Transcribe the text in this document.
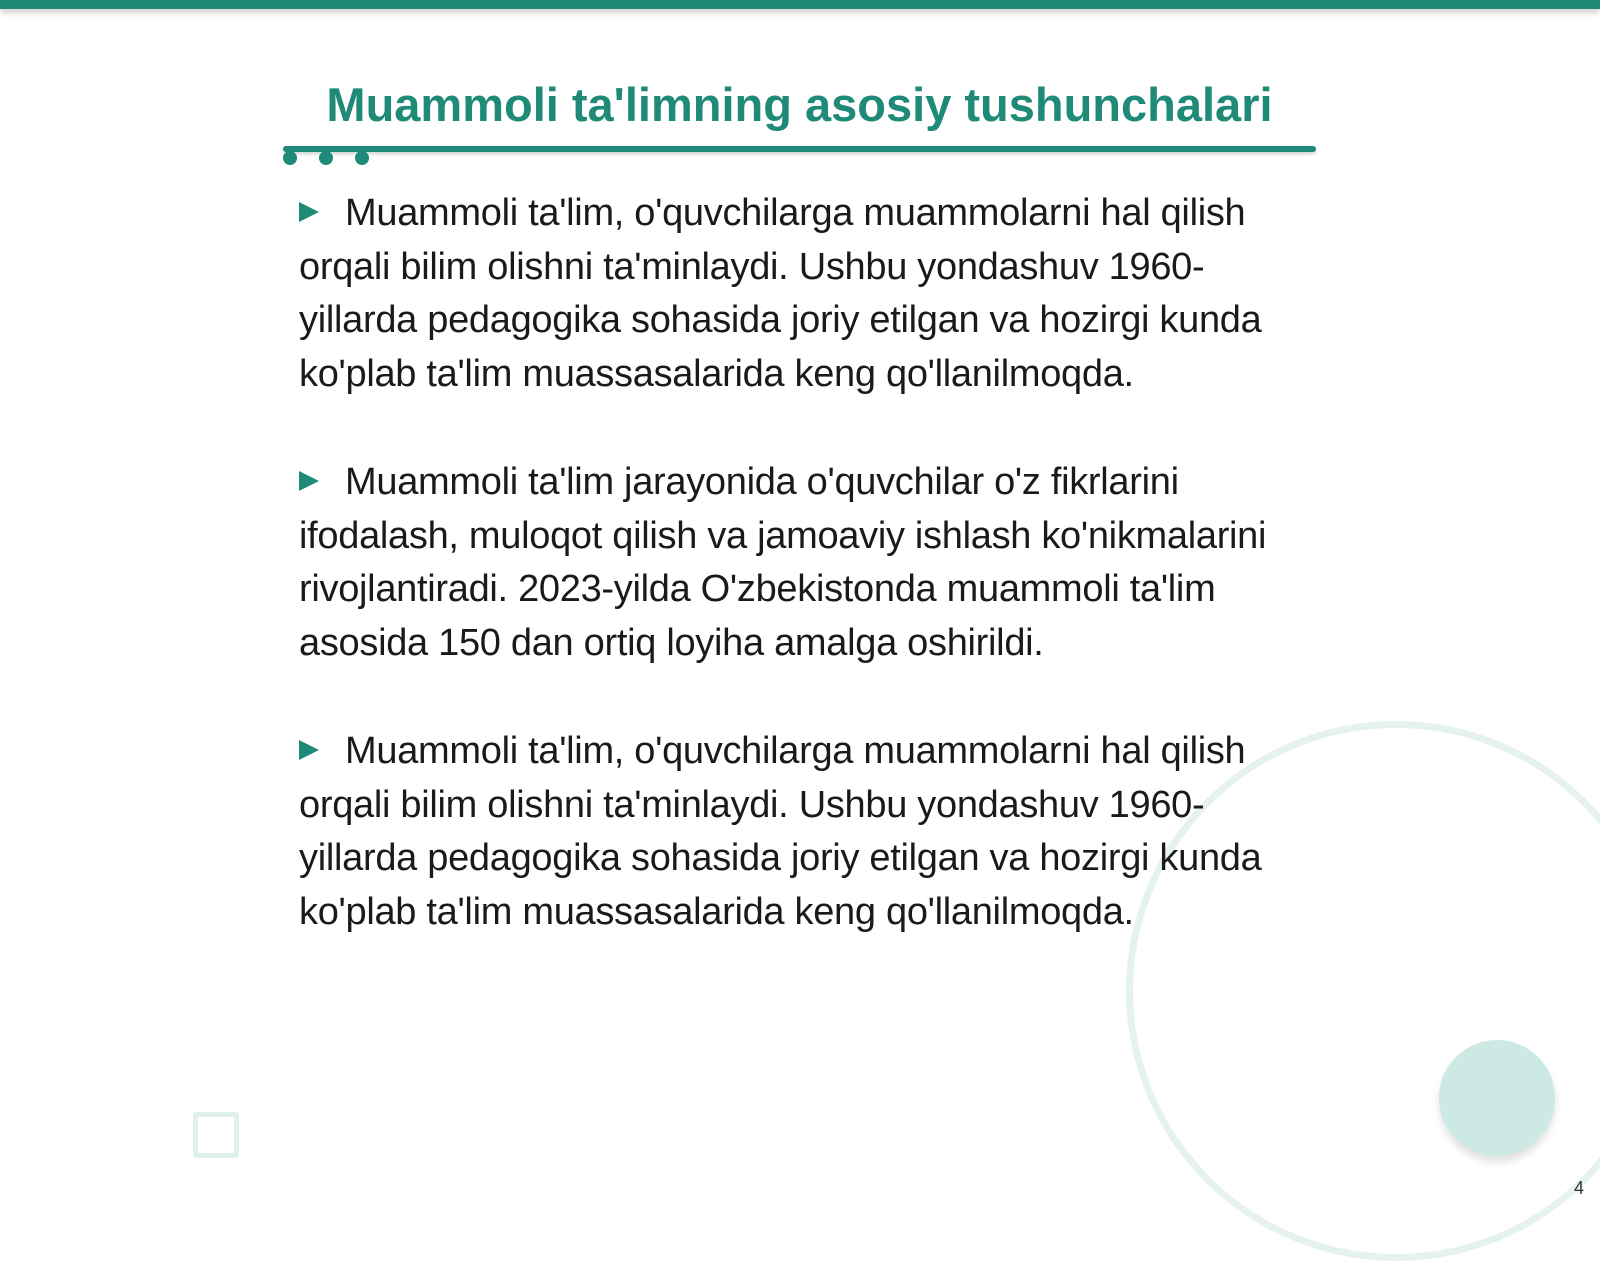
Muammoli ta'limning asosiy tushunchalari
Muammoli ta'lim, o'quvchilarga muammolarni hal qilish orqali bilim olishni ta'minlaydi. Ushbu yondashuv 1960-yillarda pedagogika sohasida joriy etilgan va hozirgi kunda ko'plab ta'lim muassasalarida keng qo'llanilmoqda.
Muammoli ta'lim jarayonida o'quvchilar o'z fikrlarini ifodalash, muloqot qilish va jamoaviy ishlash ko'nikmalarini rivojlantiradi. 2023-yilda O'zbekistonda muammoli ta'lim asosida 150 dan ortiq loyiha amalga oshirildi.
Muammoli ta'lim, o'quvchilarga muammolarni hal qilish orqali bilim olishni ta'minlaydi. Ushbu yondashuv 1960-yillarda pedagogika sohasida joriy etilgan va hozirgi kunda ko'plab ta'lim muassasalarida keng qo'llanilmoqda.
4
